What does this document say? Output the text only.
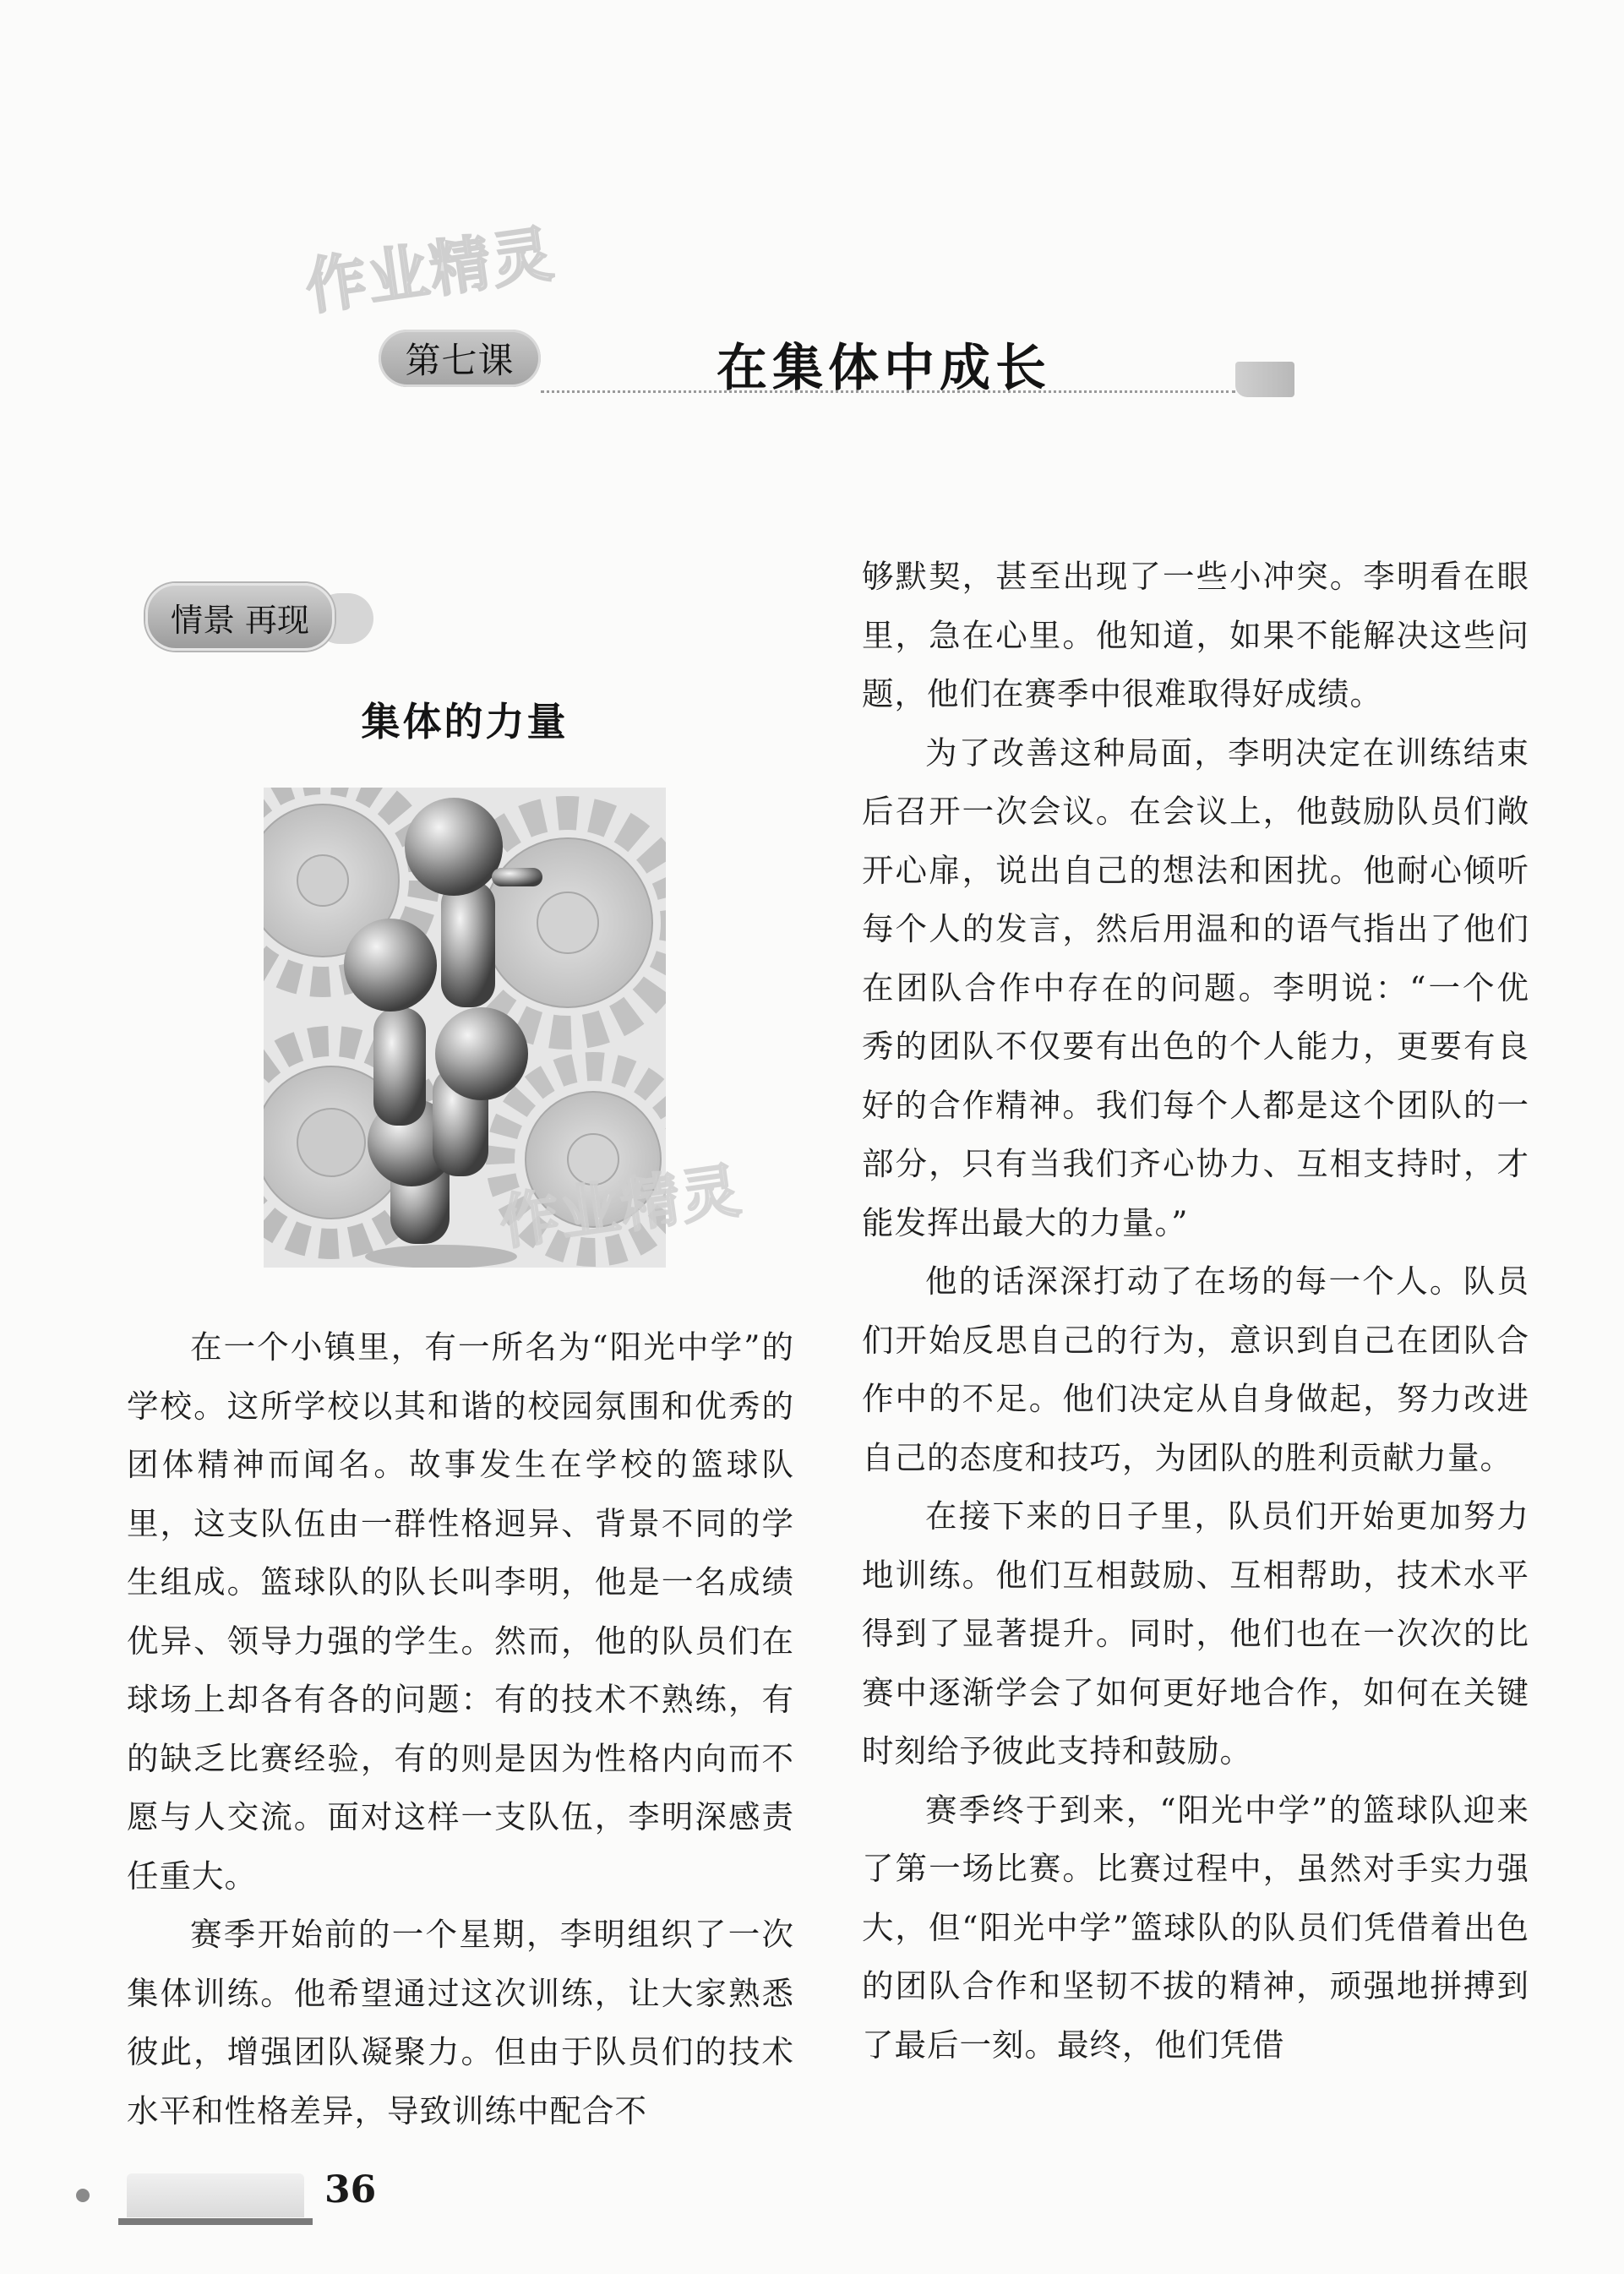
作业精灵
第七课	在集体中成长
情景 再现
集体的力量
作业精灵

在一个小镇里，有一所名为“阳光中学”的学校。这所学校以其和谐的校园氛围和优秀的团体精神而闻名。故事发生在学校的篮球队里，这支队伍由一群性格迥异、背景不同的学生组成。篮球队的队长叫李明，他是一名成绩优异、领导力强的学生。然而，他的队员们在球场上却各有各的问题：有的技术不熟练，有的缺乏比赛经验，有的则是因为性格内向而不愿与人交流。面对这样一支队伍，李明深感责任重大。

赛季开始前的一个星期，李明组织了一次集体训练。他希望通过这次训练，让大家熟悉彼此，增强团队凝聚力。但由于队员们的技术水平和性格差异，导致训练中配合不

够默契，甚至出现了一些小冲突。李明看在眼里，急在心里。他知道，如果不能解决这些问题，他们在赛季中很难取得好成绩。

为了改善这种局面，李明决定在训练结束后召开一次会议。在会议上，他鼓励队员们敞开心扉，说出自己的想法和困扰。他耐心倾听每个人的发言，然后用温和的语气指出了他们在团队合作中存在的问题。李明说：“一个优秀的团队不仅要有出色的个人能力，更要有良好的合作精神。我们每个人都是这个团队的一部分，只有当我们齐心协力、互相支持时，才能发挥出最大的力量。”

他的话深深打动了在场的每一个人。队员们开始反思自己的行为，意识到自己在团队合作中的不足。他们决定从自身做起，努力改进自己的态度和技巧，为团队的胜利贡献力量。

在接下来的日子里，队员们开始更加努力地训练。他们互相鼓励、互相帮助，技术水平得到了显著提升。同时，他们也在一次次的比赛中逐渐学会了如何更好地合作，如何在关键时刻给予彼此支持和鼓励。

赛季终于到来，“阳光中学”的篮球队迎来了第一场比赛。比赛过程中，虽然对手实力强大，但“阳光中学”篮球队的队员们凭借着出色的团队合作和坚韧不拔的精神，顽强地拼搏到了最后一刻。最终，他们凭借

36
